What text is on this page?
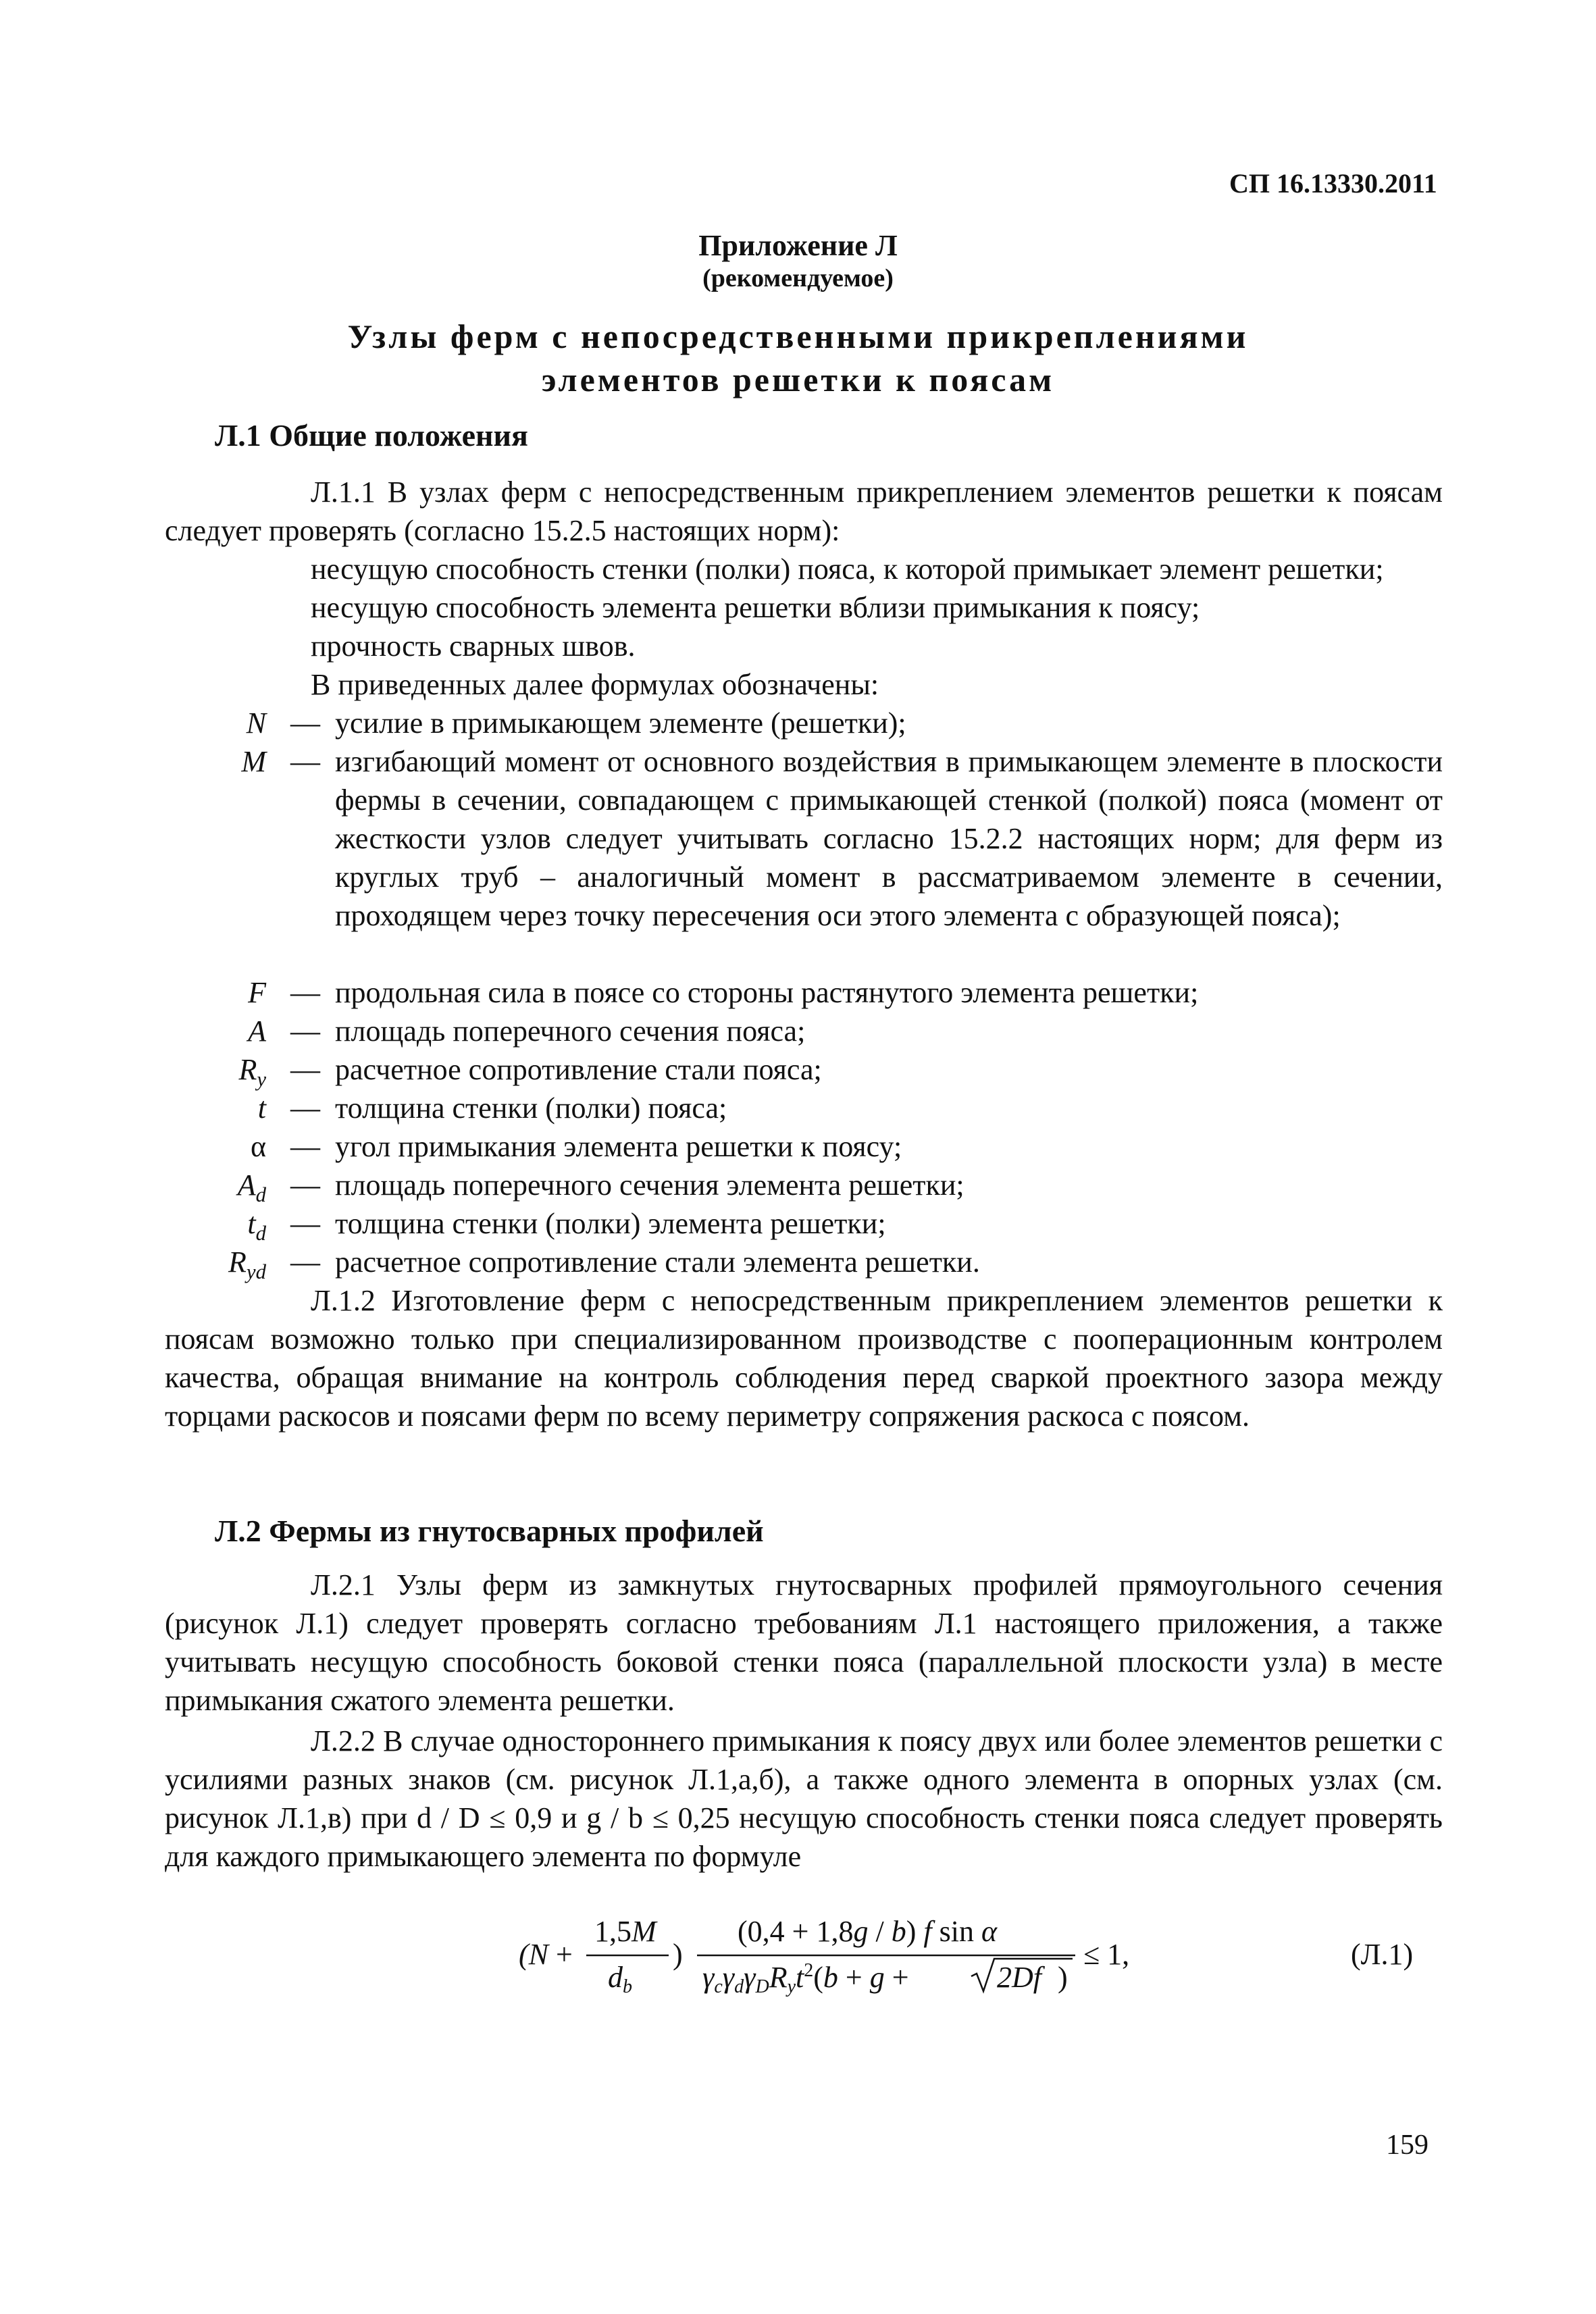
СП 16.13330.2011
Приложение Л
(рекомендуемое)
Узлы ферм с непосредственными прикреплениями
элементов решетки к поясам
Л.1 Общие положения
Л.1.1 В узлах ферм с непосредственным прикреплением элементов решетки к поясам следует проверять (согласно 15.2.5 настоящих норм):
несущую способность стенки (полки) пояса, к которой примыкает элемент решетки;
несущую способность элемента решетки вблизи примыкания к поясу;
прочность сварных швов.
В приведенных далее формулах обозначены:
N — усилие в примыкающем элементе (решетки);
M — изгибающий момент от основного воздействия в примыкающем элементе в плоскости фермы в сечении, совпадающем с примыкающей стенкой (полкой) пояса (момент от жесткости узлов следует учитывать согласно 15.2.2 настоящих норм; для ферм из круглых труб – аналогичный момент в рассматриваемом элементе в сечении, проходящем через точку пересечения оси этого элемента с образующей пояса);
F — продольная сила в поясе со стороны растянутого элемента решетки;
A — площадь поперечного сечения пояса;
$R_y$ — расчетное сопротивление стали пояса;
t — толщина стенки (полки) пояса;
α — угол примыкания элемента решетки к поясу;
$A_d$ — площадь поперечного сечения элемента решетки;
$t_d$ — толщина стенки (полки) элемента решетки;
$R_{yd}$ — расчетное сопротивление стали элемента решетки.
Л.1.2 Изготовление ферм с непосредственным прикреплением элементов решетки к поясам возможно только при специализированном производстве с пооперационным контролем качества, обращая внимание на контроль соблюдения перед сваркой проектного зазора между торцами раскосов и поясами ферм по всему периметру сопряжения раскоса с поясом.
Л.2 Фермы из гнутосварных профилей
Л.2.1 Узлы ферм из замкнутых гнутосварных профилей прямоугольного сечения (рисунок Л.1) следует проверять согласно требованиям Л.1 настоящего приложения, а также учитывать несущую способность боковой стенки пояса (параллельной плоскости узла) в месте примыкания сжатого элемента решетки.
Л.2.2 В случае одностороннего примыкания к поясу двух или более элементов решетки с усилиями разных знаков (см. рисунок Л.1,а,б), а также одного элемента в опорных узлах (см. рисунок Л.1,в) при d / D ≤ 0,9 и g / b ≤ 0,25 несущую способность стенки пояса следует проверять для каждого примыкающего элемента по формуле
(N +
1,5M
db
)
(0,4 + 1,8g / b) f sin α
γcγdγDRyt$^2$(b + g +	2Df )
≤ 1,	(Л.1)
159
